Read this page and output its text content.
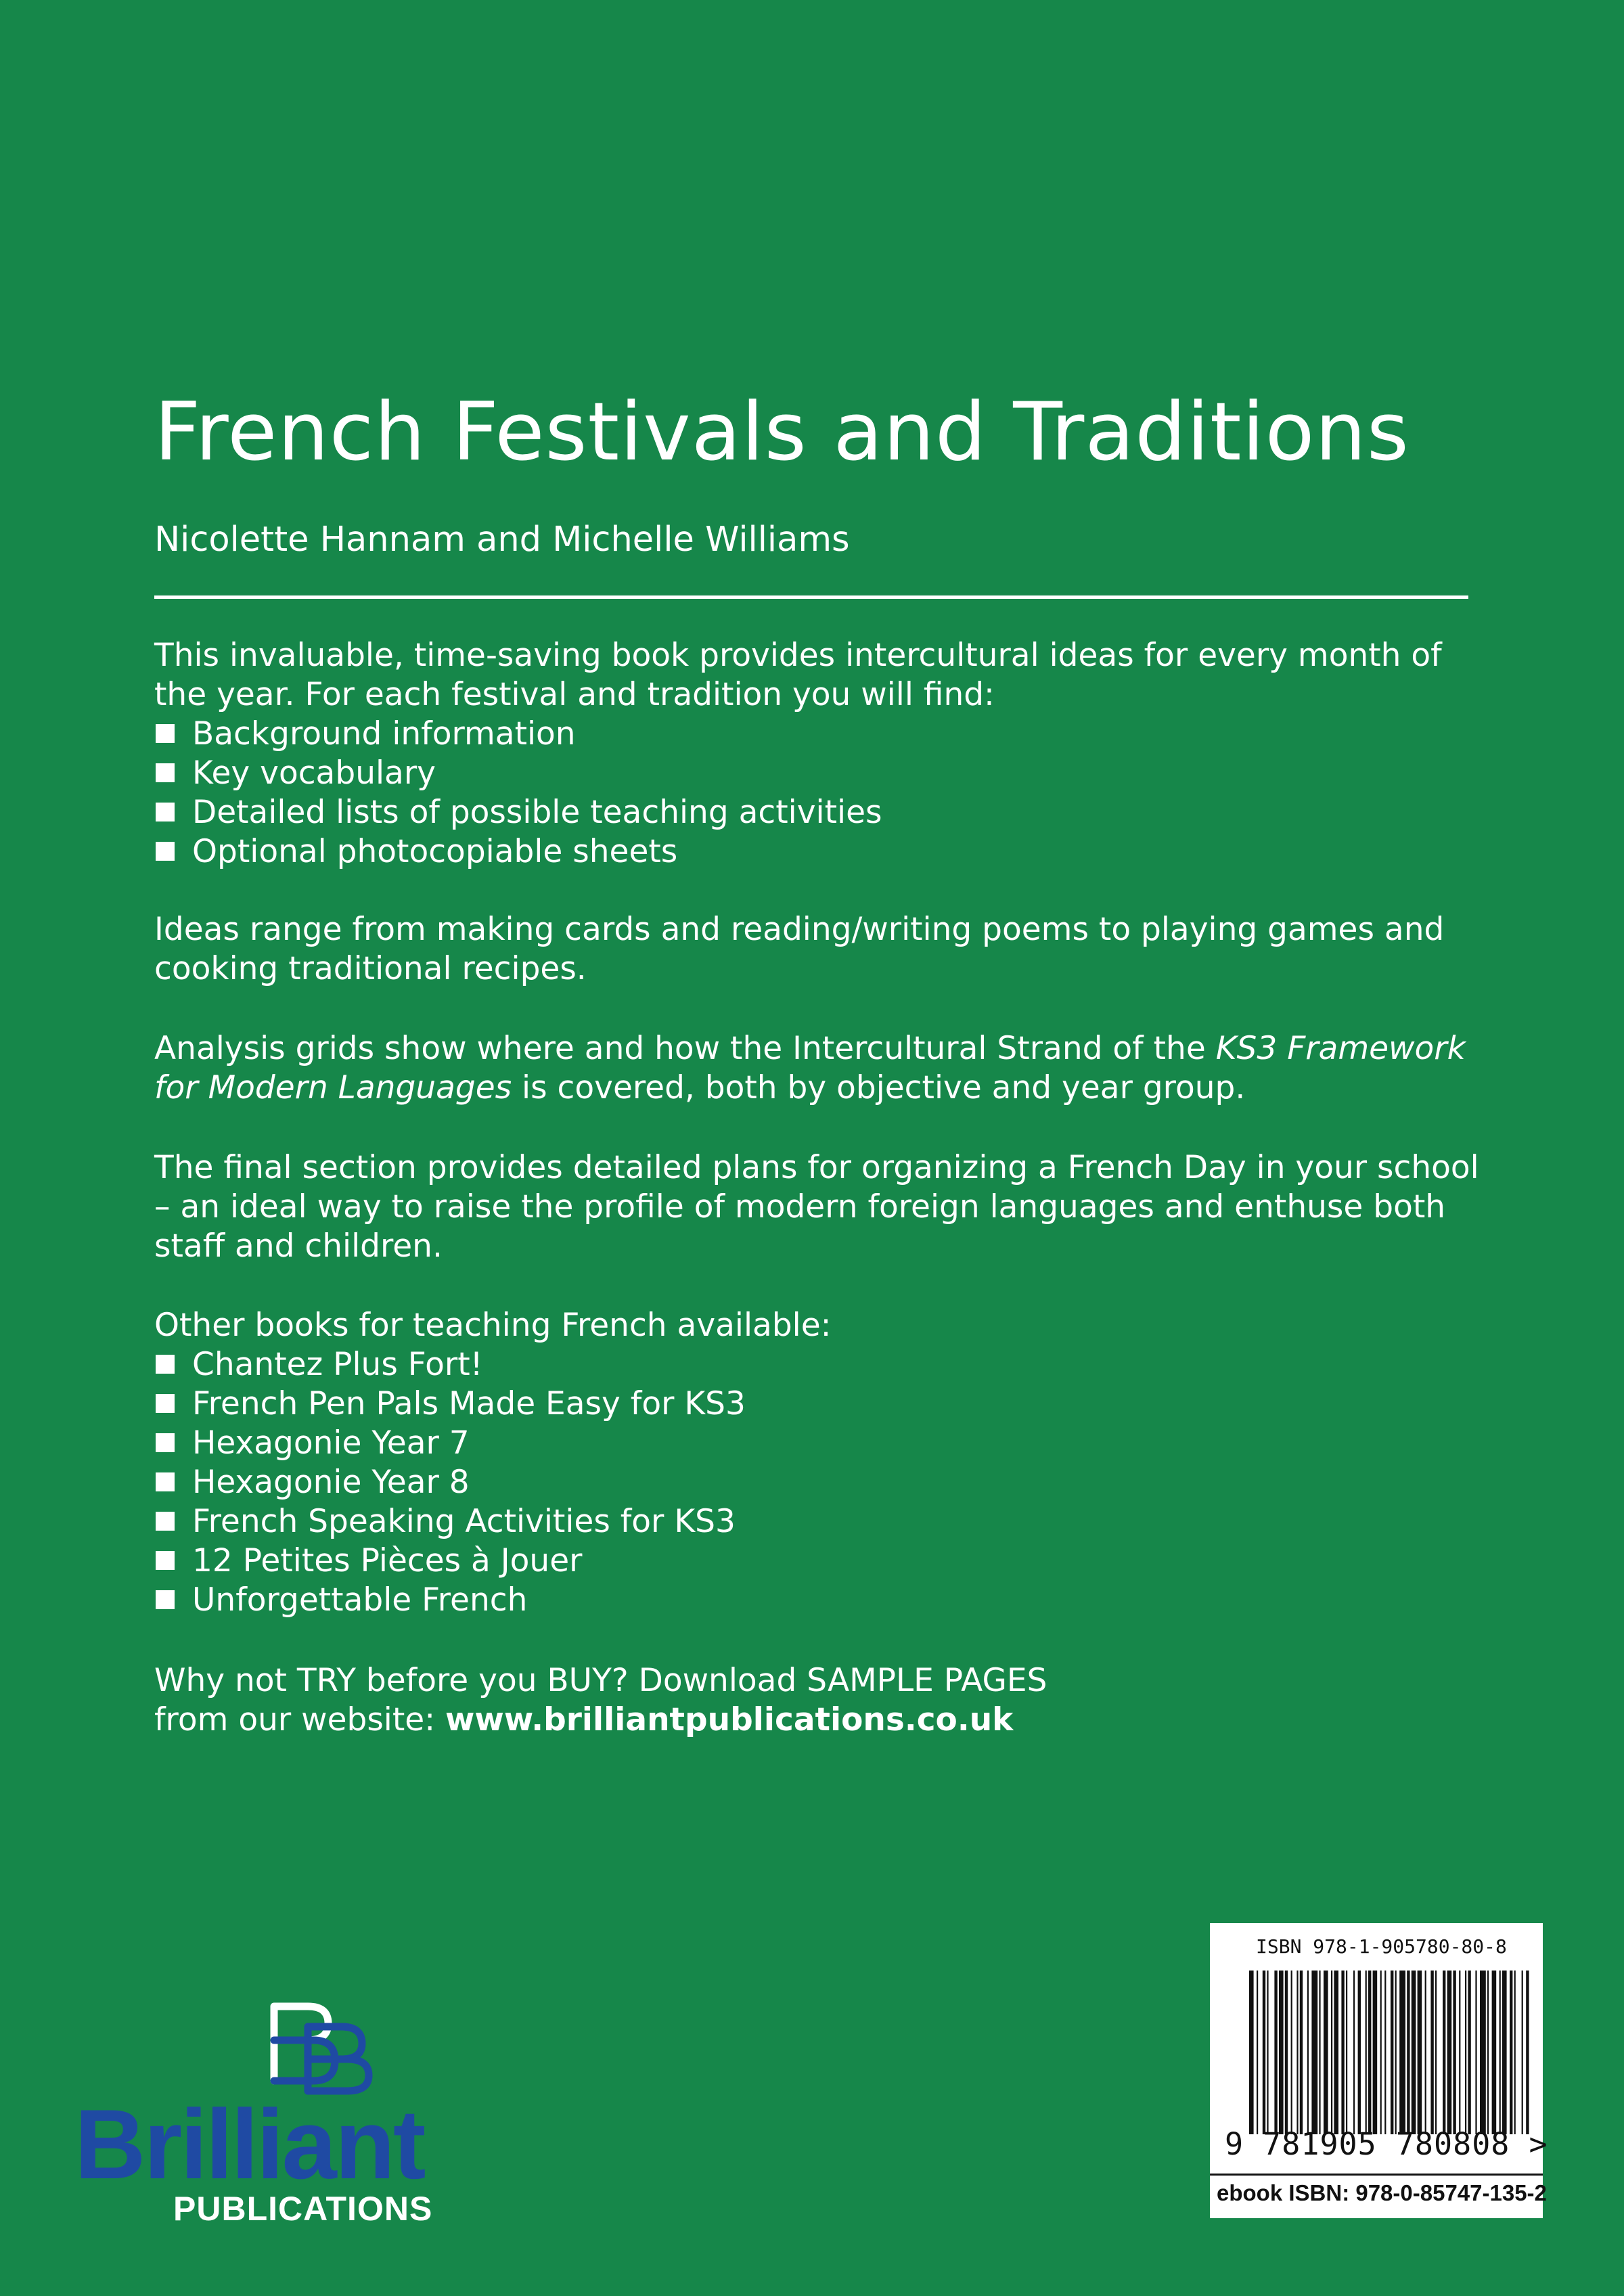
French Festivals and Traditions
Nicolette Hannam and Michelle Williams

This invaluable, time-saving book provides intercultural ideas for every month of the year. For each festival and tradition you will find:

Background information
Key vocabulary
Detailed lists of possible teaching activities
Optional photocopiable sheets

Ideas range from making cards and reading/writing poems to playing games and cooking traditional recipes.

Analysis grids show where and how the Intercultural Strand of the KS3 Framework for Modern Languages is covered, both by objective and year group.

The final section provides detailed plans for organizing a French Day in your school – an ideal way to raise the profile of modern foreign languages and enthuse both staff and children.

Other books for teaching French available:

Chantez Plus Fort!
French Pen Pals Made Easy for KS3
Hexagonie Year 7
Hexagonie Year 8
French Speaking Activities for KS3
12 Petites Pièces à Jouer
Unforgettable French

Why not TRY before you BUY? Download SAMPLE PAGES

from our website: www.brilliantpublications.co.uk

Brilliant
PUBLICATIONS
ISBN 978-1-905780-80-8
9 781905 780808 >
ebook ISBN: 978-0-85747-135-2
